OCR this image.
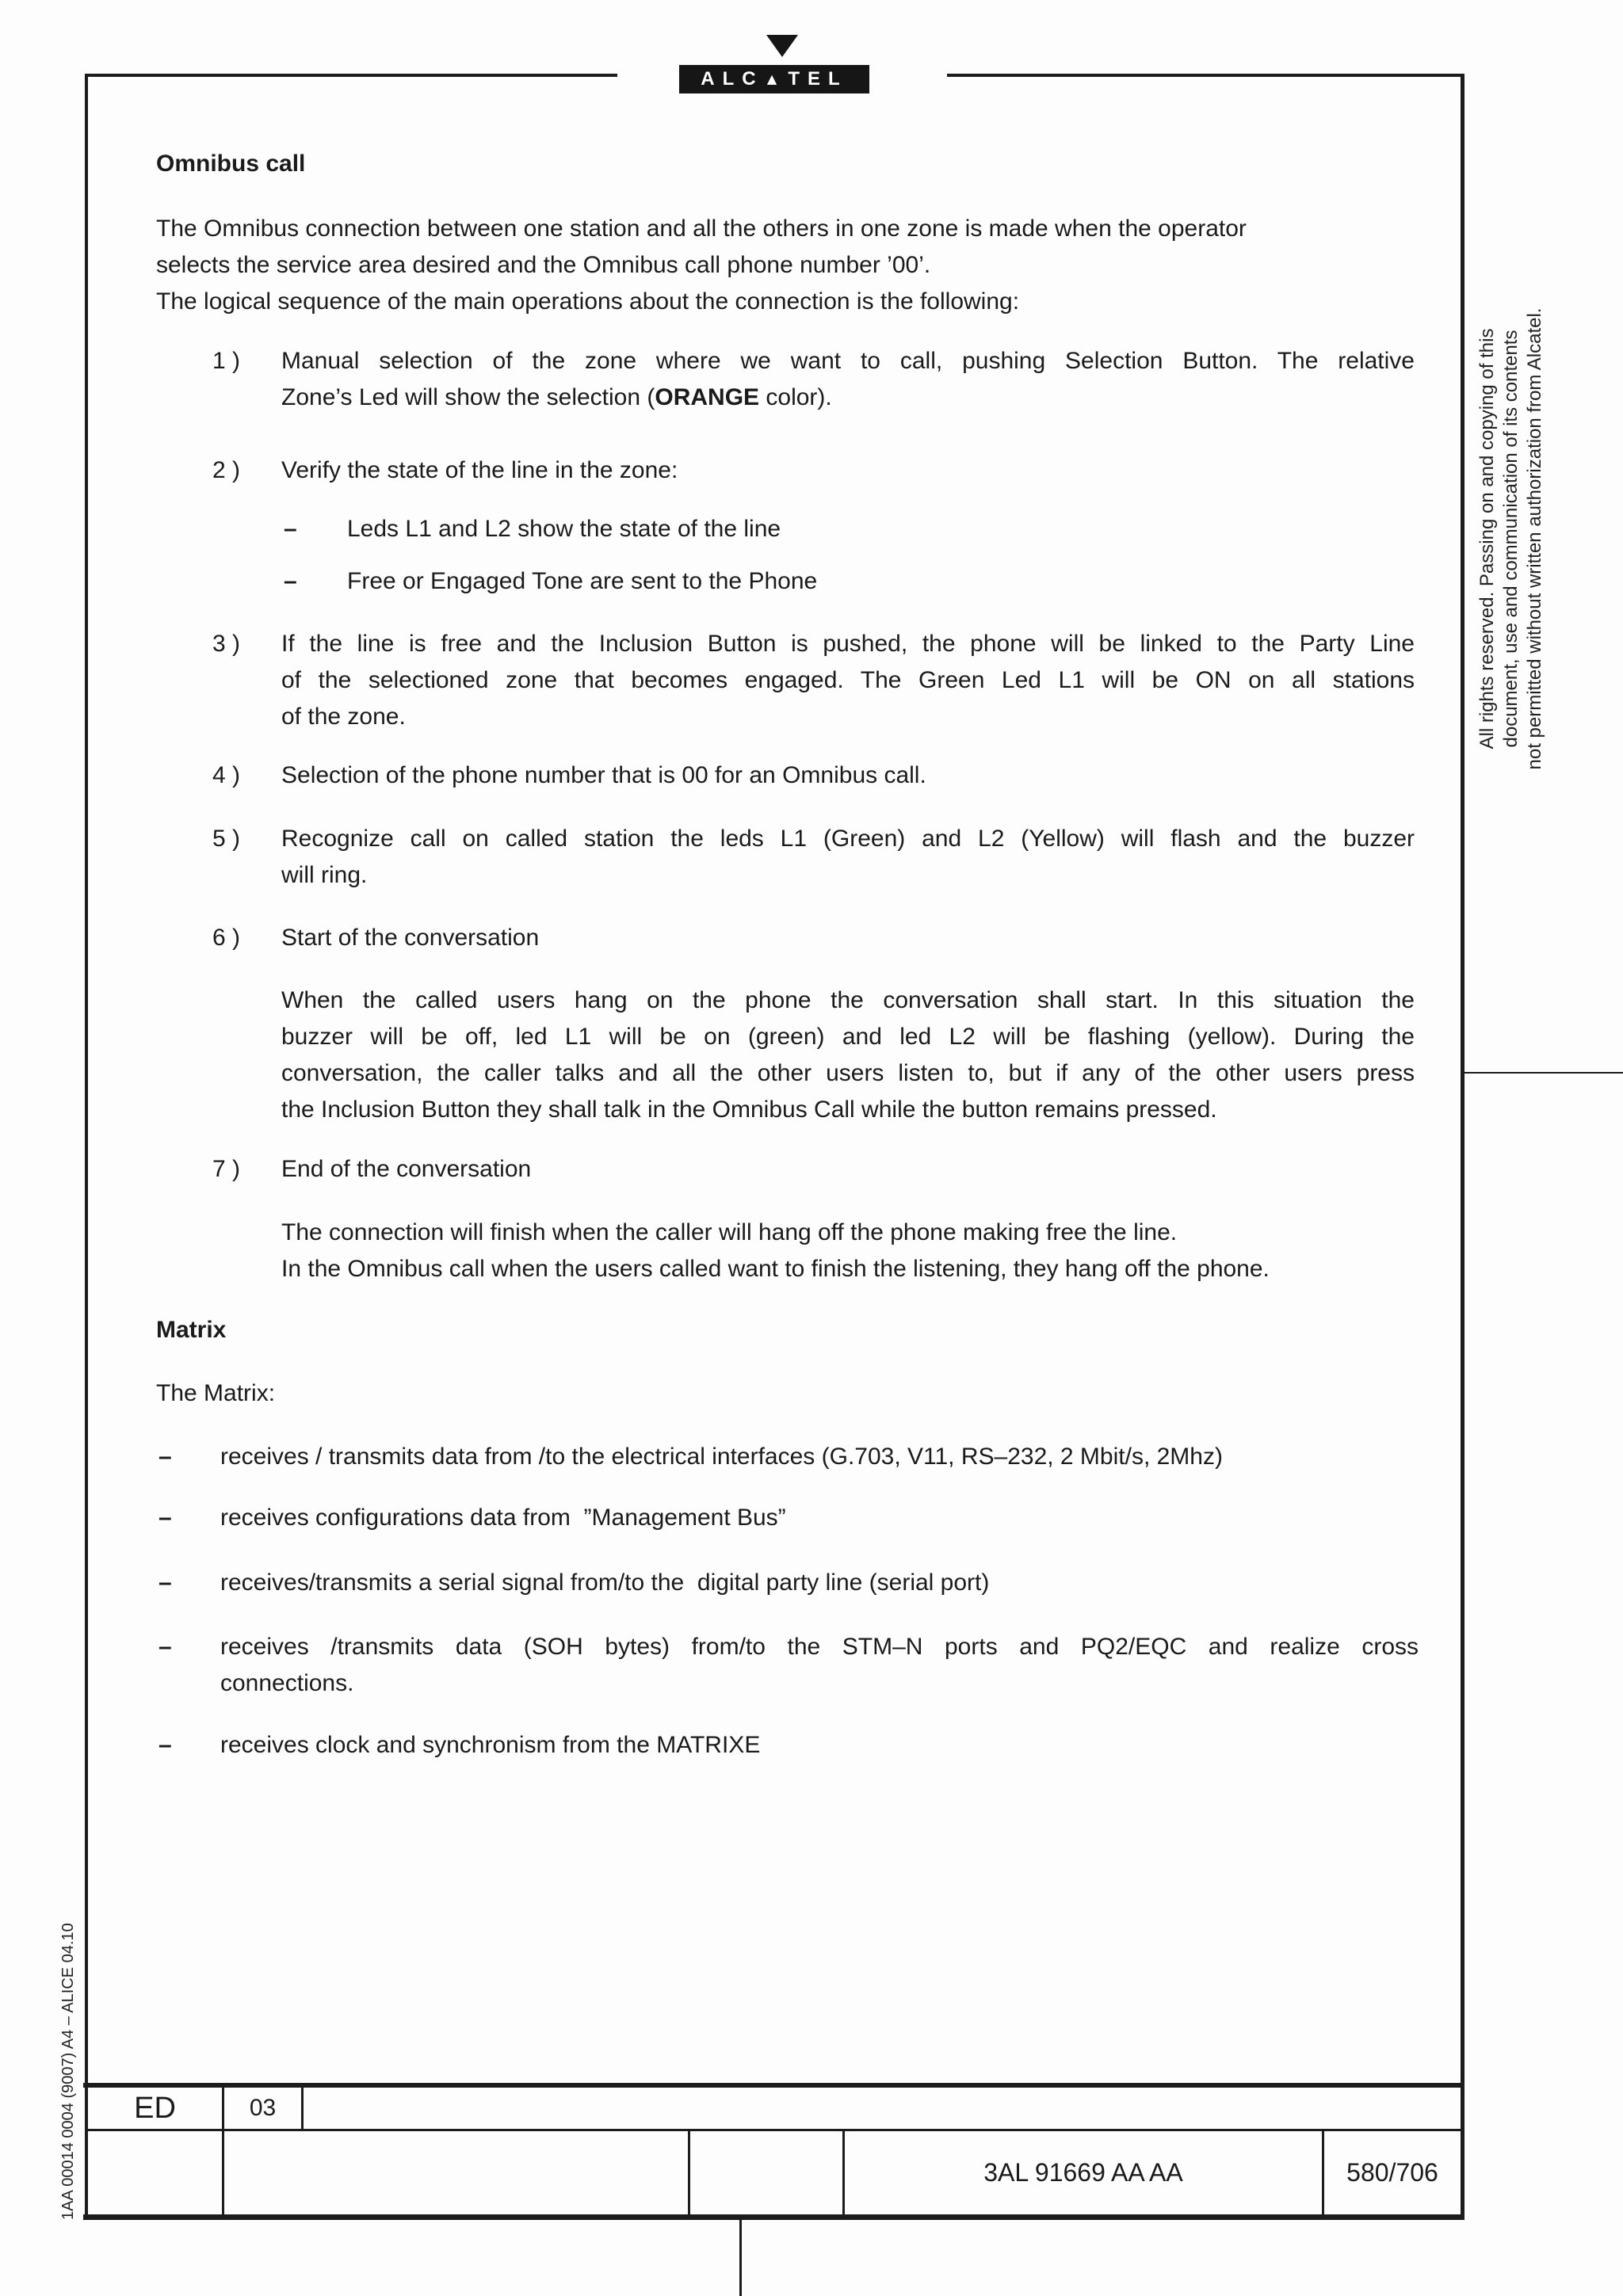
ALC ▲ TEL
All rights reserved. Passing on and copying of this document, use and communication of its contents not permitted without written authorization from Alcatel.
1AA 00014 0004 (9007) A4 – ALICE 04.10
Omnibus call
The Omnibus connection between one station and all the others in one zone is made when the operator
selects the service area desired and the Omnibus call phone number ’00’.
The logical sequence of the main operations about the connection is the following:
1 ) Manual selection of the zone where we want to call, pushing Selection Button. The relative
Zone’s Led will show the selection (ORANGE color).
2 ) Verify the state of the line in the zone:
– Leds L1 and L2 show the state of the line
– Free or Engaged Tone are sent to the Phone
3 ) If the line is free and the Inclusion Button is pushed, the phone will be linked to the Party Line
of the selectioned zone that becomes engaged. The Green Led L1 will be ON on all stations
of the zone.
4 ) Selection of the phone number that is 00 for an Omnibus call.
5 ) Recognize call on called station the leds L1 (Green) and L2 (Yellow) will flash and the buzzer
will ring.
6 ) Start of the conversation
When the called users hang on the phone the conversation shall start. In this situation the
buzzer will be off, led L1 will be on (green) and led L2 will be flashing (yellow). During the
conversation, the caller talks and all the other users listen to, but if any of the other users press
the Inclusion Button they shall talk in the Omnibus Call while the button remains pressed.
7 ) End of the conversation
The connection will finish when the caller will hang off the phone making free the line.
In the Omnibus call when the users called want to finish the listening, they hang off the phone.
Matrix
The Matrix:
– receives / transmits data from /to the electrical interfaces (G.703, V11, RS–232, 2 Mbit/s, 2Mhz)
– receives configurations data from  ”Management Bus”
– receives/transmits a serial signal from/to the  digital party line (serial port)
– receives /transmits data (SOH bytes) from/to the STM–N ports and PQ2/EQC and realize cross
connections.
– receives clock and synchronism from the MATRIXE
ED	03
3AL 91669 AA AA	580/706
